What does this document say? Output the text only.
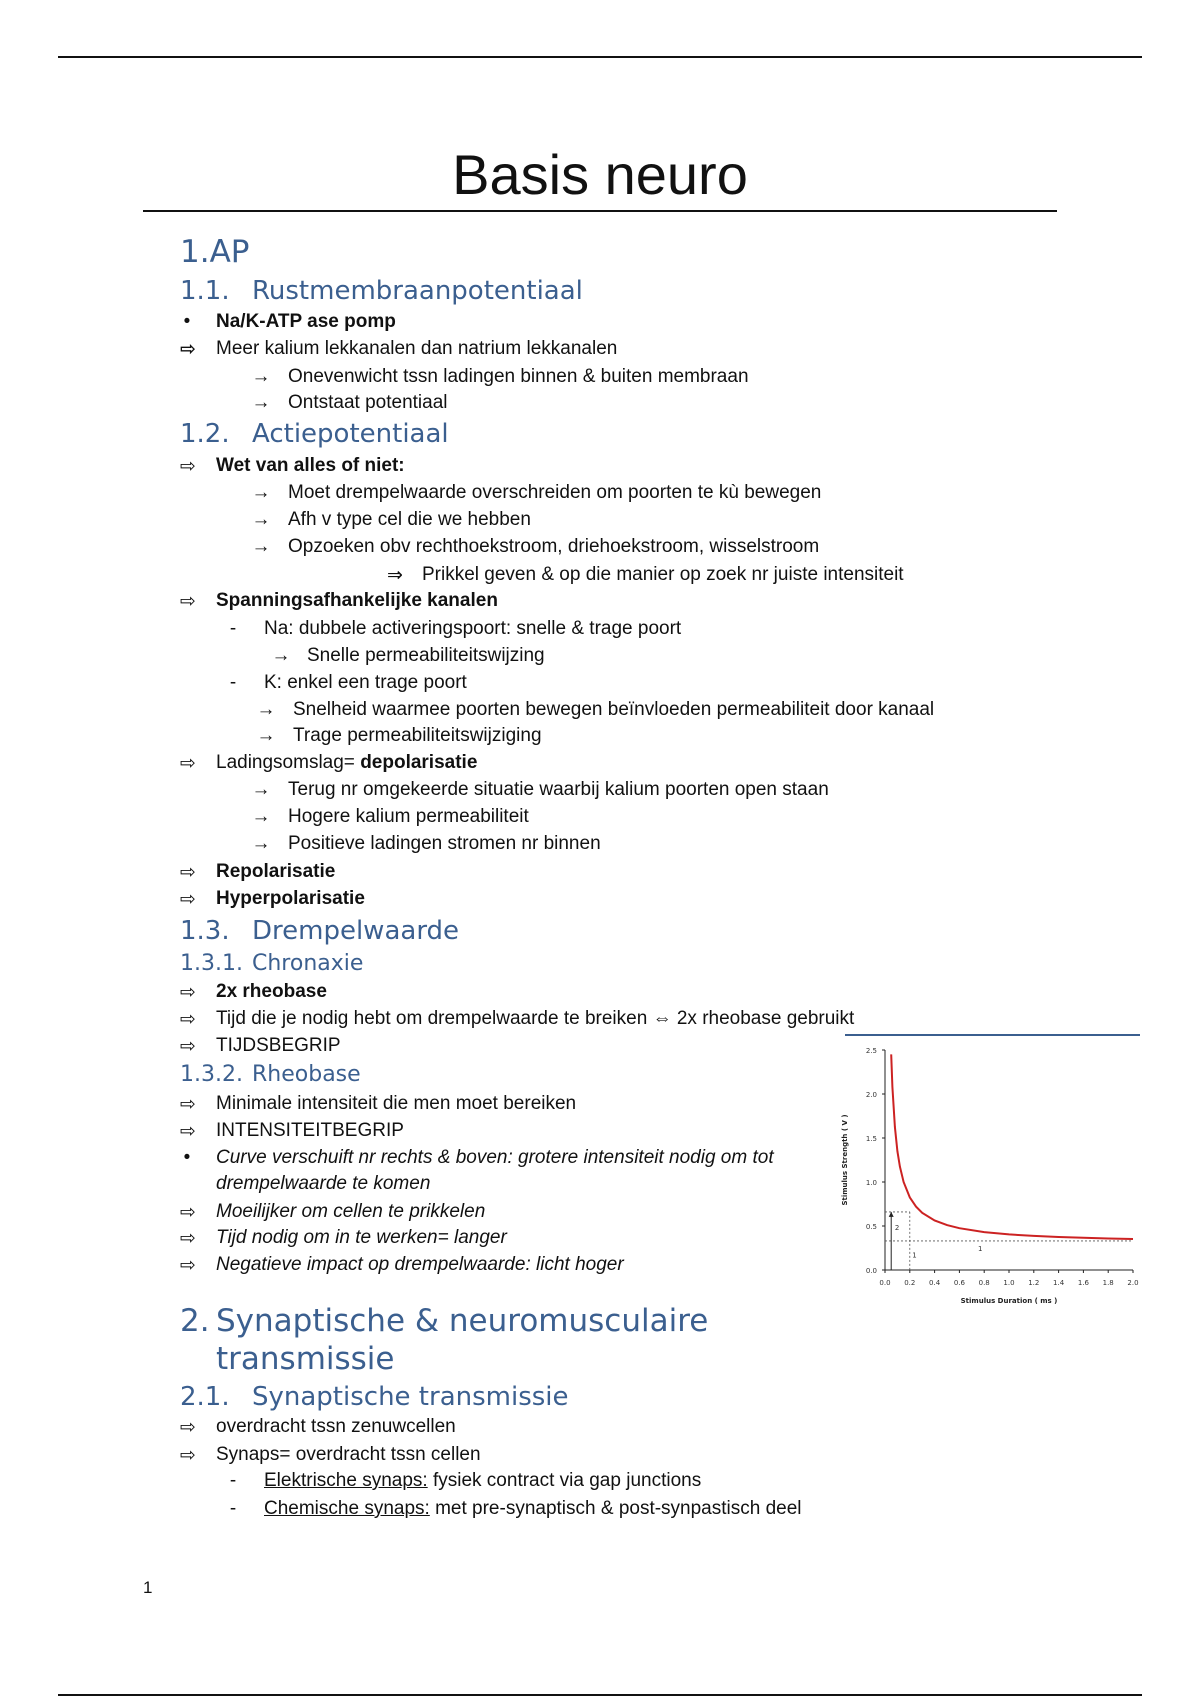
Basis neuro
1.AP
1.1. Rustmembraanpotentiaal
•	Na/K-ATP ase pomp
⇨ Meer kalium lekkanalen dan natrium lekkanalen
→ Onevenwicht tssn ladingen binnen & buiten membraan
→ Ontstaat potentiaal
1.2. Actiepotentiaal
⇨ Wet van alles of niet:
→ Moet drempelwaarde overschreiden om poorten te kù bewegen
→ Afh v type cel die we hebben
→ Opzoeken obv rechthoekstroom, driehoekstroom, wisselstroom
⇒ Prikkel geven & op die manier op zoek nr juiste intensiteit
⇨ Spanningsafhankelijke kanalen
-	Na: dubbele activeringspoort: snelle & trage poort
→ Snelle permeabiliteitswijzing
-	K: enkel een trage poort
→ Snelheid waarmee poorten bewegen beïnvloeden permeabiliteit door kanaal
→ Trage permeabiliteitswijziging
⇨ Ladingsomslag= depolarisatie
→ Terug nr omgekeerde situatie waarbij kalium poorten open staan
→ Hogere kalium permeabiliteit
→ Positieve ladingen stromen nr binnen
⇨ Repolarisatie
⇨ Hyperpolarisatie
1.3. Drempelwaarde
1.3.1. Chronaxie
⇨ 2x rheobase
⇨ Tijd die je nodig hebt om drempelwaarde te breiken ⇔ 2x rheobase gebruikt
⇨ TIJDSBEGRIP
1.3.2. Rheobase
⇨ Minimale intensiteit die men moet bereiken
⇨ INTENSITEITBEGRIP
•	Curve verschuift nr rechts & boven: grotere intensiteit nodig om tot
drempelwaarde te komen
⇨ Moeilijker om cellen te prikkelen
⇨ Tijd nodig om in te werken= langer
⇨ Negatieve impact op drempelwaarde: licht hoger	0.0
0.5
1.0
1.5
2.0
2.5
0.0 0.2 0.4 0.6 0.8 1.0 1.2 1.4 1.6 1.8 2.0
2
1
1
Stimulus Duration ( ms )
Stimulus Strength ( V )
2. Synaptische & neuromusculaire
transmissie
2.1. Synaptische transmissie
⇨ overdracht tssn zenuwcellen
⇨ Synaps= overdracht tssn cellen
-	Elektrische synaps: fysiek contract via gap junctions
-	Chemische synaps: met pre-synaptisch & post-synpastisch deel
1
